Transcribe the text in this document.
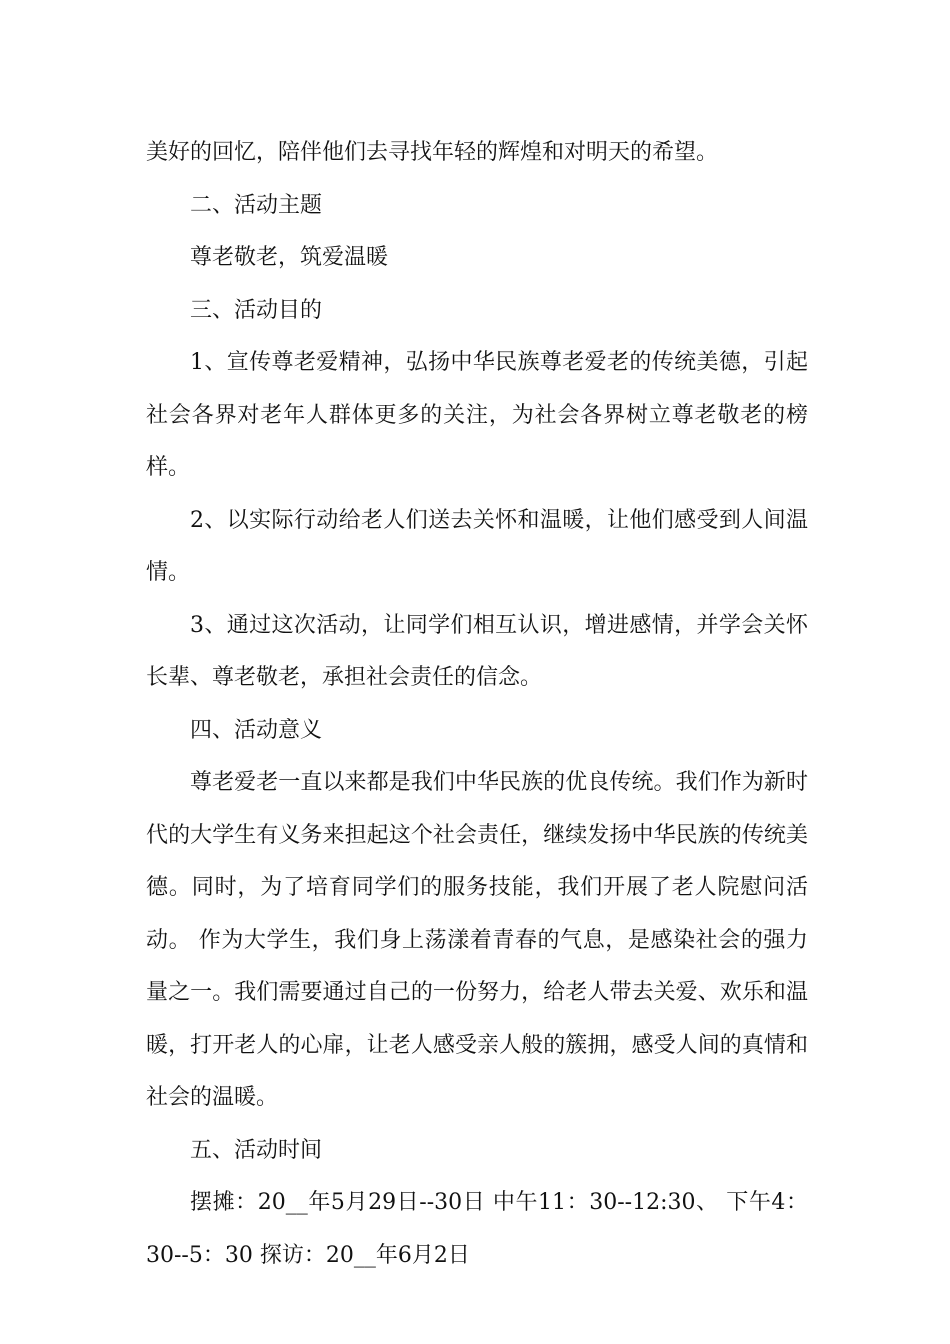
美好的回忆，陪伴他们去寻找年轻的辉煌和对明天的希望。

二、活动主题

尊老敬老，筑爱温暖

三、活动目的

1、宣传尊老爱精神，弘扬中华民族尊老爱老的传统美德，引起社会各界对老年人群体更多的关注，为社会各界树立尊老敬老的榜样。

2、以实际行动给老人们送去关怀和温暖，让他们感受到人间温情。

3、通过这次活动，让同学们相互认识，增进感情，并学会关怀长辈、尊老敬老，承担社会责任的信念。

四、活动意义

尊老爱老一直以来都是我们中华民族的优良传统。我们作为新时代的大学生有义务来担起这个社会责任，继续发扬中华民族的传统美德。同时，为了培育同学们的服务技能，我们开展了老人院慰问活动。 作为大学生，我们身上荡漾着青春的气息，是感染社会的强力量之一。我们需要通过自己的一份努力，给老人带去关爱、欢乐和温暖，打开老人的心扉，让老人感受亲人般的簇拥，感受人间的真情和社会的温暖。

五、活动时间

摆摊：20__年5月29日--30日 中午11：30--12:30、 下午4：30--5：30 探访：20__年6月2日
